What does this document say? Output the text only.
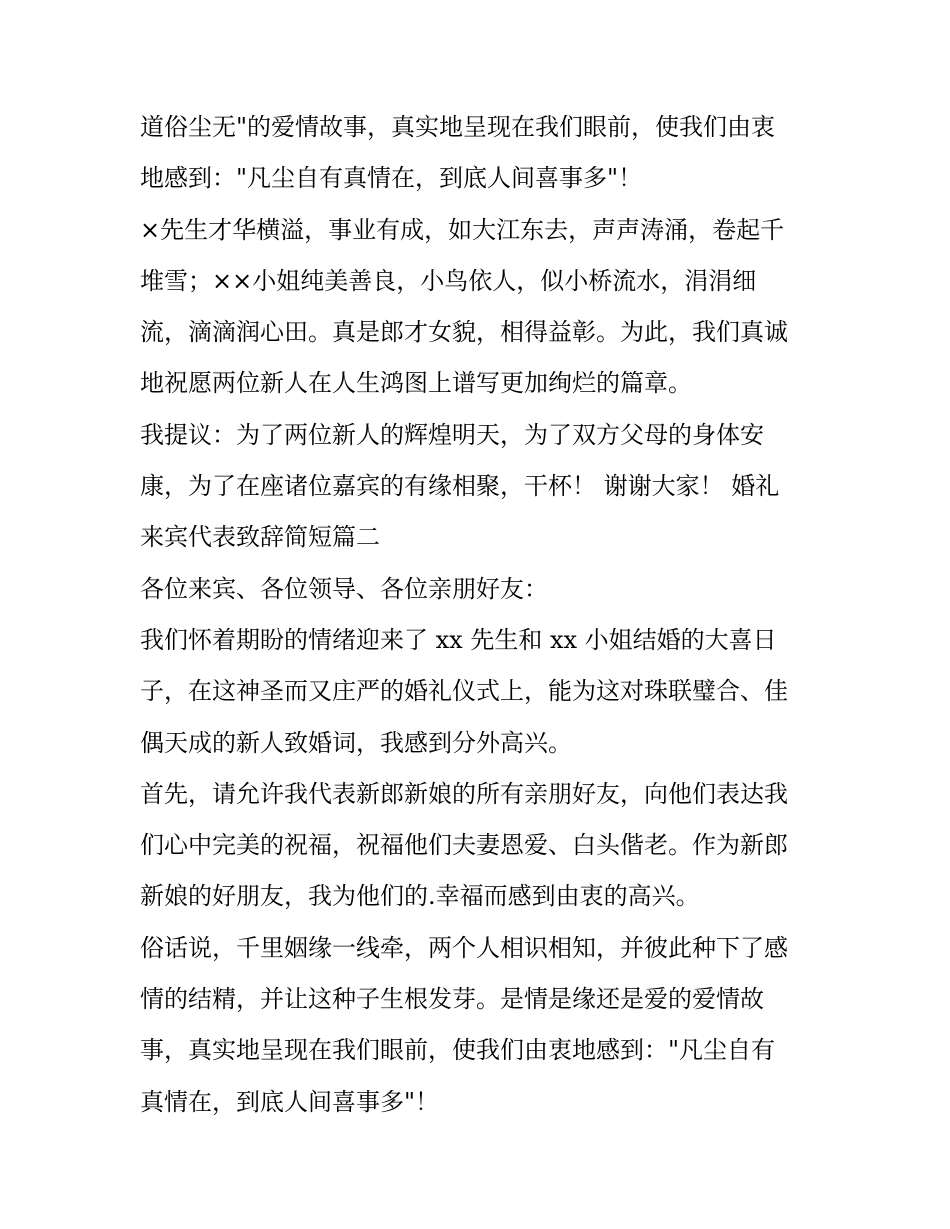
道俗尘无"的爱情故事，真实地呈现在我们眼前，使我们由衷
地感到："凡尘自有真情在，到底人间喜事多"！
×先生才华横溢，事业有成，如大江东去，声声涛涌，卷起千
堆雪；××小姐纯美善良，小鸟依人，似小桥流水，涓涓细
流，滴滴润心田。真是郎才女貌，相得益彰。为此，我们真诚
地祝愿两位新人在人生鸿图上谱写更加绚烂的篇章。
我提议：为了两位新人的辉煌明天，为了双方父母的身体安
康，为了在座诸位嘉宾的有缘相聚，干杯！ 谢谢大家！ 婚礼
来宾代表致辞简短篇二
各位来宾、各位领导、各位亲朋好友：
我们怀着期盼的情绪迎来了 xx 先生和 xx 小姐结婚的大喜日
子，在这神圣而又庄严的婚礼仪式上，能为这对珠联璧合、佳
偶天成的新人致婚词，我感到分外高兴。
首先，请允许我代表新郎新娘的所有亲朋好友，向他们表达我
们心中完美的祝福，祝福他们夫妻恩爱、白头偕老。作为新郎
新娘的好朋友，我为他们的.幸福而感到由衷的高兴。
俗话说，千里姻缘一线牵，两个人相识相知，并彼此种下了感
情的结精，并让这种子生根发芽。是情是缘还是爱的爱情故
事，真实地呈现在我们眼前，使我们由衷地感到："凡尘自有
真情在，到底人间喜事多"！
